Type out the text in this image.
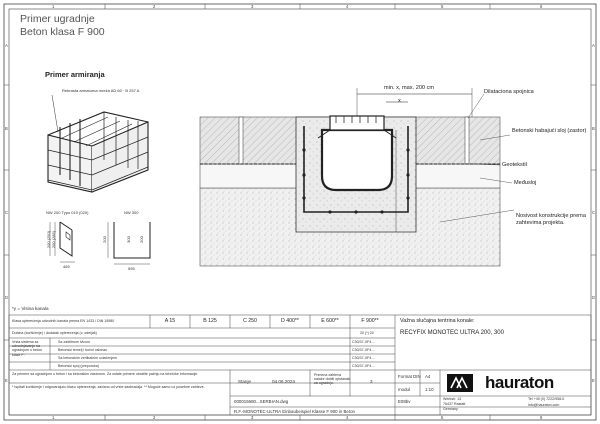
1	2	3	4	5	6
1	2	3	4	5	6
A
B
C
D
E
A
B
C
D
E
Primer ugradnje
Beton klasa F 900
Primer armiranja
Rebrasta armaturna mreža AD 60 · B 257 A
NW 200 Typo 010 (020)	NW 300
200 (250) 200 (285)
465
200	300 200
595
min. x, max. 200 cm
x
Dilataciona spojnica
Betonski habajući sloj (zastor)
Geotekstil
Međusloj
Nosivost konstrukcije prema zahtevima projekta.
*y = Visina kanala
Klasa opterećenja odvodnih kanala prema EN 1433 / DIN 19580	A 15	B 125	C 250	D 400**	E 600**	F 900**
Dubina (korišćenje) / dodatak opterećenja (v. odeljak)	20 (*) 20
Sa zaštitnom ivicom	C30/37-XF4 ...
Betonski temelj i bočni oslonac	C30/37-XF4 ...
Sa betonskim vertikalnim uvlačenjem	C30/37-XF4 ...
Betonski spoj (preporuka)	C30/37-XF4 ...
Za primere sa ugradnjom u beton i sa betonskim zastorom. Za ostale primere obratite pažnju na tehničke informacije.
* Ispitati korišćenje i odgovarajuću klasu opterećenja, zavisno od vrste saobraćaja. ** Moguće samo uz posebne zahteve.
Vrsta sistema za odvodnjavanje sa ugradnjom u beton klase F:
Važna slučajna tentrina konale:
RECYFIX MONOTEC ULTRA 200, 300
Stanje	04.06.2024
Primena zahteva nalaže dobiti opstanak za ugradnju.	3
Format DIN A4
modul	1:10
E08bv
000015680...SERBIAN.dwg
R.F.-MONOTEC-ULTRA Einbaubeispiel Klasse F 900 in Beton
hauraton
Werkstr. 13
76437 Rastatt
Germany
Tel +49 (0) 7222/958-0
info@hauraton.com
